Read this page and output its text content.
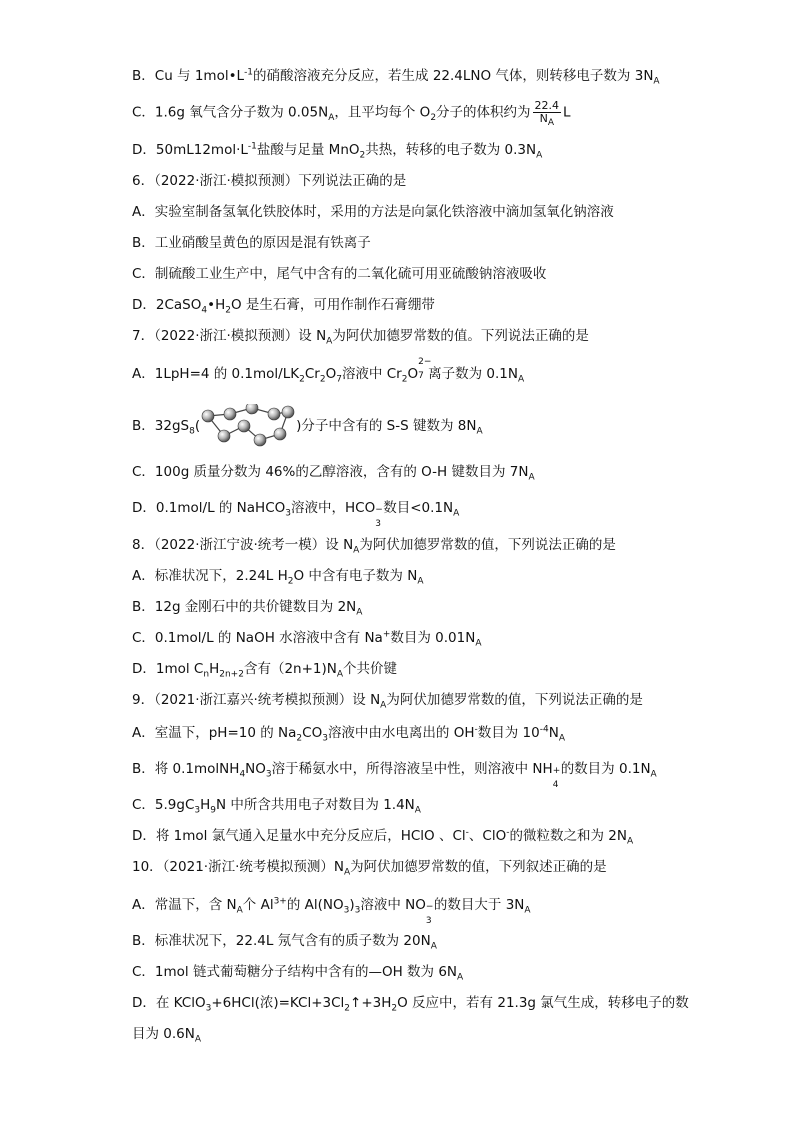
B．Cu 与 $1mol•L^{-1}$的硝酸溶液充分反应，若生成 22.4LNO 气体，则转移电子数为 $3N_A$
C．1.6g 氧气含分子数为 $0.05N_A$，且平均每个 $O_2$分子的体积约为 $\frac{22.4}{N_A}$ L
D．$50mL12mol\cdot L^{-1}$盐酸与足量 MnO$_2$共热，转移的电子数为 $0.3N_A$
6．（2022·浙江·模拟预测）下列说法正确的是
A．实验室制备氢氧化铁胶体时，采用的方法是向氯化铁溶液中滴加氢氧化钠溶液
B．工业硝酸呈黄色的原因是混有铁离子
C．制硫酸工业生产中，尾气中含有的二氧化硫可用亚硫酸钠溶液吸收
D．$2CaSO_4•H_2O$ 是生石膏，可用作制作石膏绷带
7．（2022·浙江·模拟预测）设 $N_A$为阿伏加德罗常数的值。下列说法正确的是
A．1LpH=4 的 $0.1mol/LK_2Cr_2O_7$溶液中 $Cr_2O$
2−
7 离子数为 $0.1N_A$
B．$32gS_8$(	)分子中含有的 S-S 键数为 $8N_A$
C．100g 质量分数为 46%的乙醇溶液，含有的 O-H 键数目为 $7N_A$
D．0.1mol/L 的 NaHCO$_3$溶液中，HCO −
3
数目$<0.1N_A$
8．（2022·浙江宁波·统考一模）设 $N_A$为阿伏加德罗常数的值，下列说法正确的是
A．标准状况下，2.24L $H_2O$ 中含有电子数为 $N_A$
B．12g 金刚石中的共价键数目为 $2N_A$
C．0.1mol/L 的 NaOH 水溶液中含有 Na+数目为 $0.01N_A$
D．1mol $C_nH_{2n+2}$含有$(2n+1)N_A$个共价键
9．（2021·浙江嘉兴·统考模拟预测）设 $N_A$为阿伏加德罗常数的值，下列说法正确的是
A．室温下，pH=10 的 $Na_2CO_3$溶液中由水电离出的 OH-数目为 $10^{-4}N_A$
B．将 $0.1molNH_4NO_3$溶于稀氨水中，所得溶液呈中性，则溶液中 NH +
4
的数目为 $0.1N_A$
C．$5.9gC_3H_9N$ 中所含共用电子对数目为 $1.4N_A$
D．将 1mol 氯气通入足量水中充分反应后，HClO 、Cl-、ClO-的微粒数之和为 $2N_A$
10．（2021·浙江·统考模拟预测）$N_A$为阿伏加德罗常数的值，下列叙述正确的是
A．常温下，含 $N_A$个 $Al^{3+}$的 $Al(NO_3)_3$溶液中 NO −
3
的数目大于 $3N_A$
B．标准状况下，22.4L 氖气含有的质子数为 $20N_A$
C．1mol 链式葡萄糖分子结构中含有的—OH 数为 $6N_A$
D．在 KClO$_3$+6HCl(浓)$=KCl+3Cl_2↑+3H_2O$ 反应中，若有 21.3g 氯气生成，转移电子的数
目为 $0.6N_A$
